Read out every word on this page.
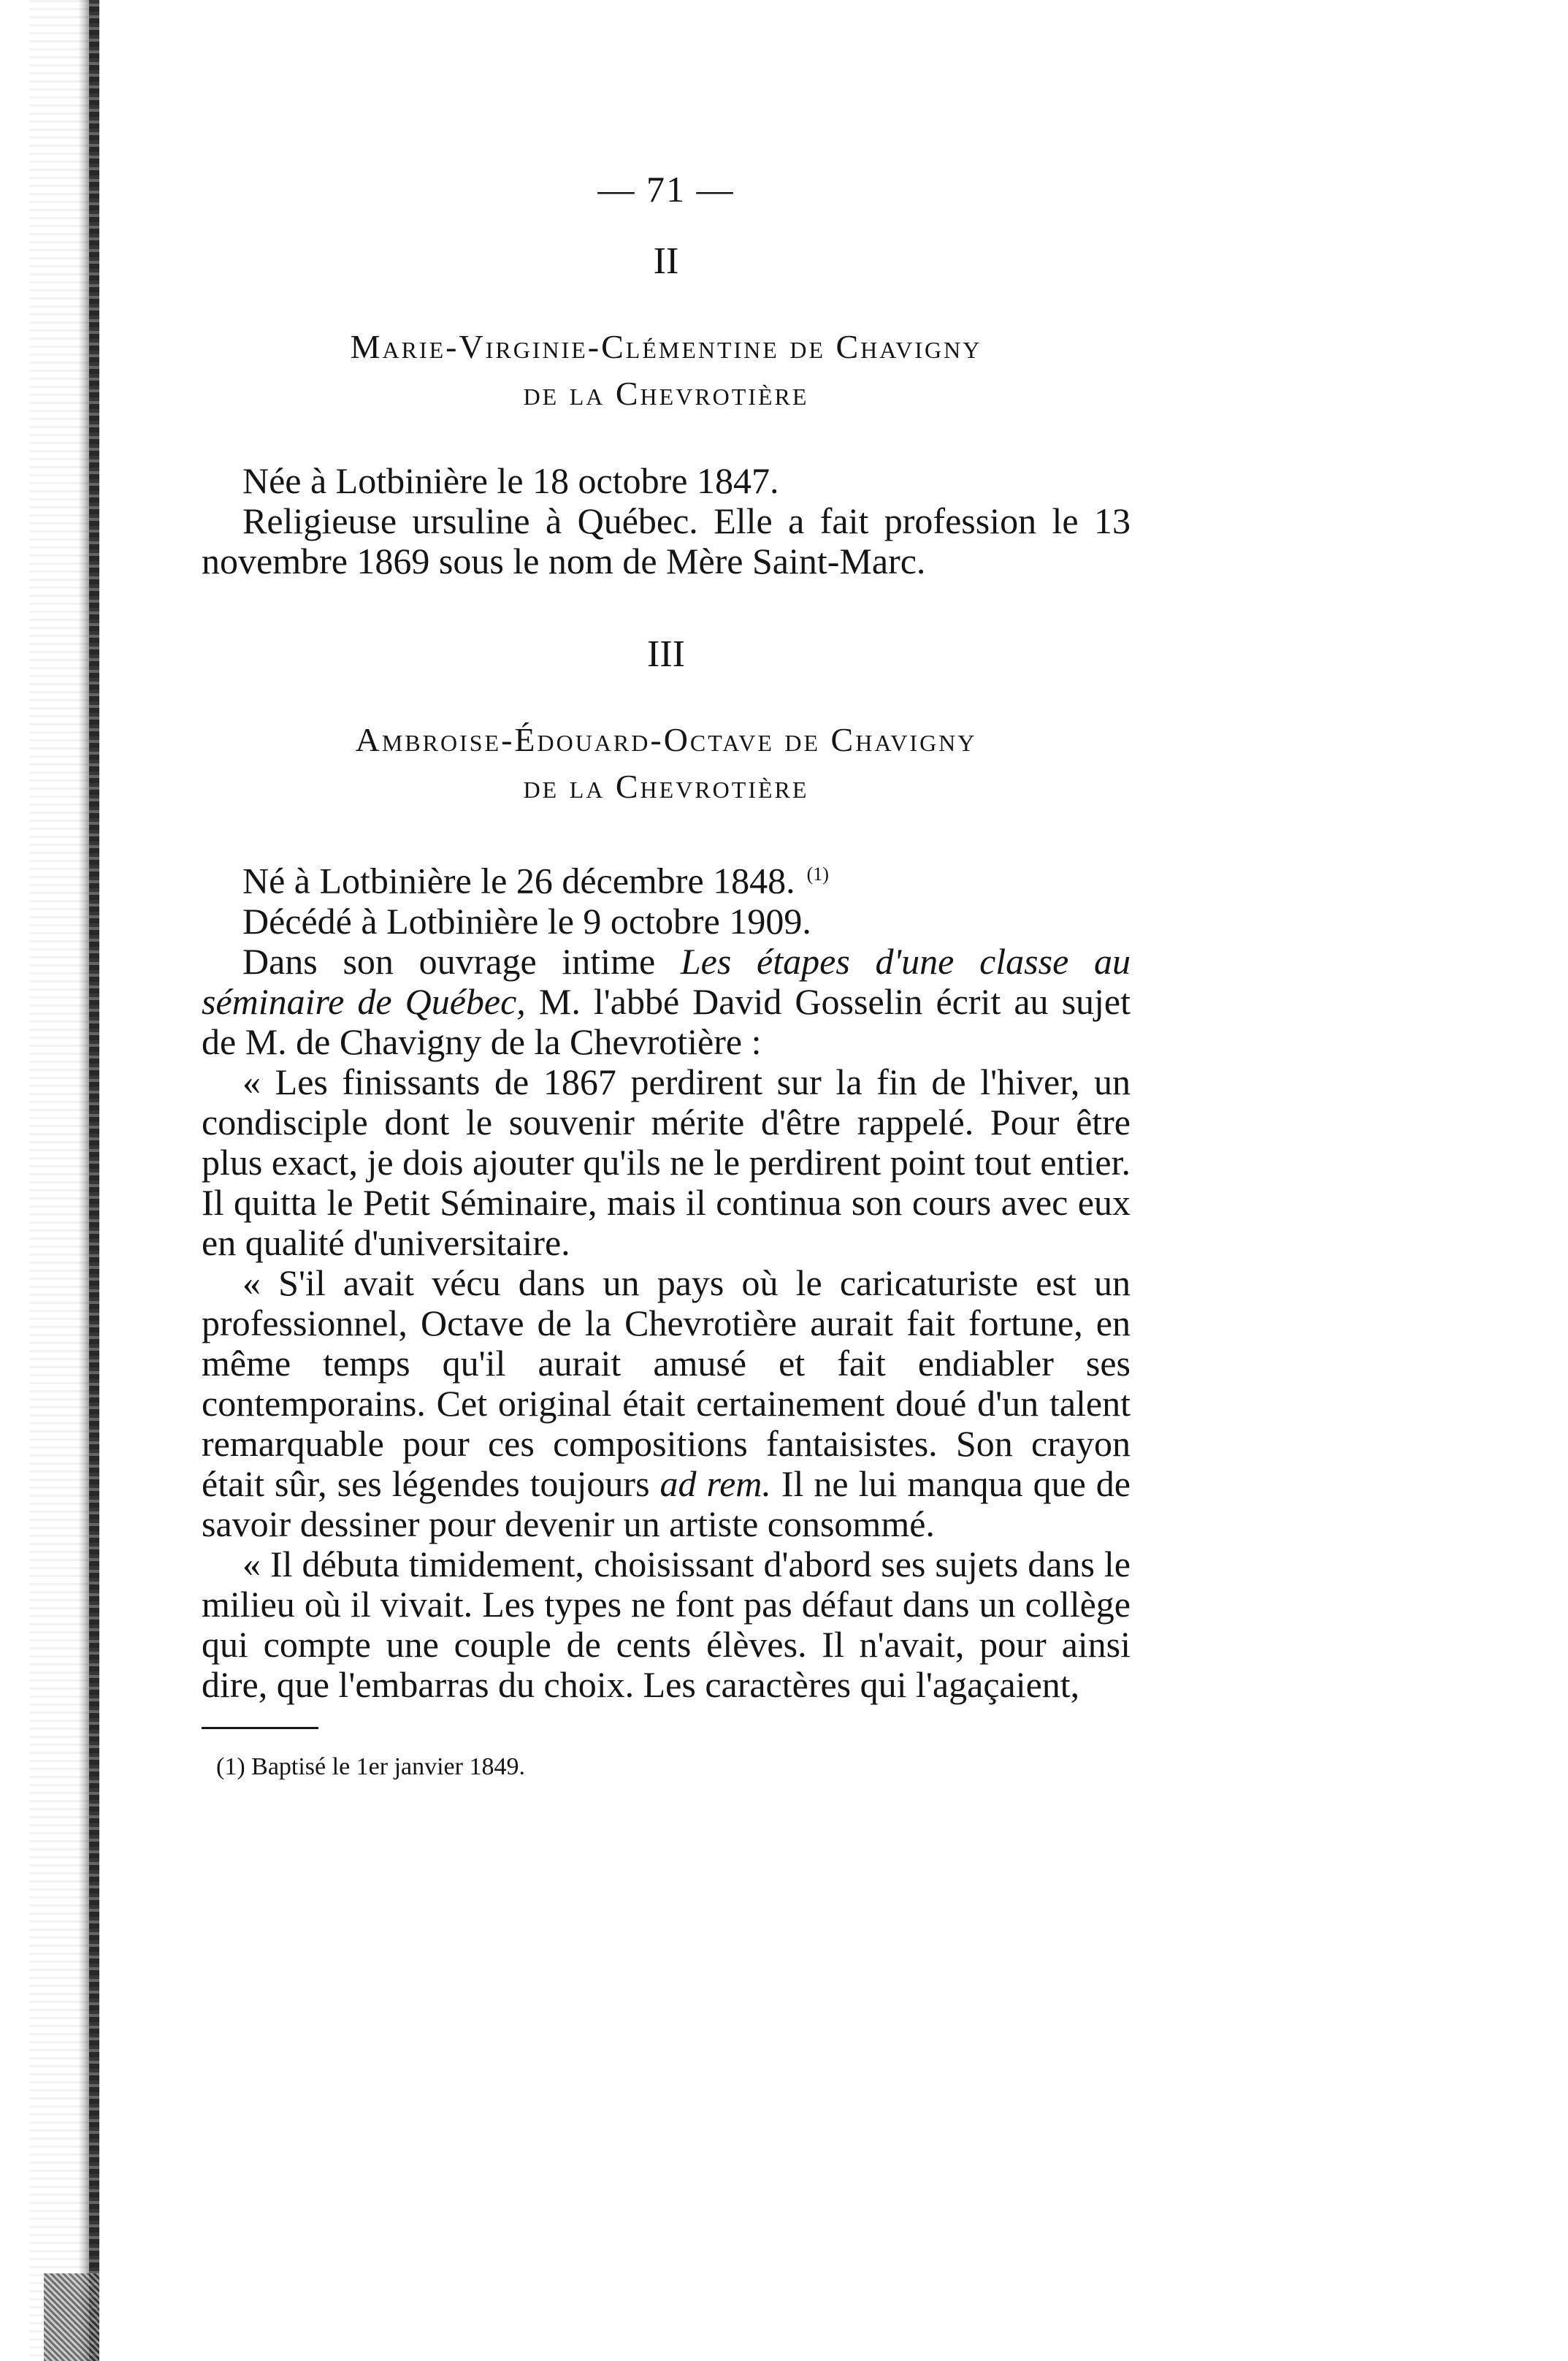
— 71 —
II
Marie-Virginie-Clémentine de Chavigny
de la Chevrotière

Née à Lotbinière le 18 octobre 1847.

Religieuse ursuline à Québec. Elle a fait profession le 13 novembre 1869 sous le nom de Mère Saint-Marc.

III
Ambroise-Édouard-Octave de Chavigny
de la Chevrotière

Né à Lotbinière le 26 décembre 1848. $^{(1)}$

Décédé à Lotbinière le 9 octobre 1909.

Dans son ouvrage intime Les étapes d'une classe au séminaire de Québec, M. l'abbé David Gosselin écrit au sujet de M. de Chavigny de la Chevrotière :

« Les finissants de 1867 perdirent sur la fin de l'hiver, un condisciple dont le souvenir mérite d'être rappelé. Pour être plus exact, je dois ajouter qu'ils ne le perdirent point tout entier. Il quitta le Petit Séminaire, mais il continua son cours avec eux en qualité d'universitaire.

« S'il avait vécu dans un pays où le caricaturiste est un professionnel, Octave de la Chevrotière aurait fait fortune, en même temps qu'il aurait amusé et fait endiabler ses contemporains. Cet original était certainement doué d'un talent remarquable pour ces compositions fantaisistes. Son crayon était sûr, ses légendes toujours ad rem. Il ne lui manqua que de savoir dessiner pour devenir un artiste consommé.

« Il débuta timidement, choisissant d'abord ses sujets dans le milieu où il vivait. Les types ne font pas défaut dans un collège qui compte une couple de cents élèves. Il n'avait, pour ainsi dire, que l'embarras du choix. Les caractères qui l'agaçaient,

(1) Baptisé le 1er janvier 1849.
